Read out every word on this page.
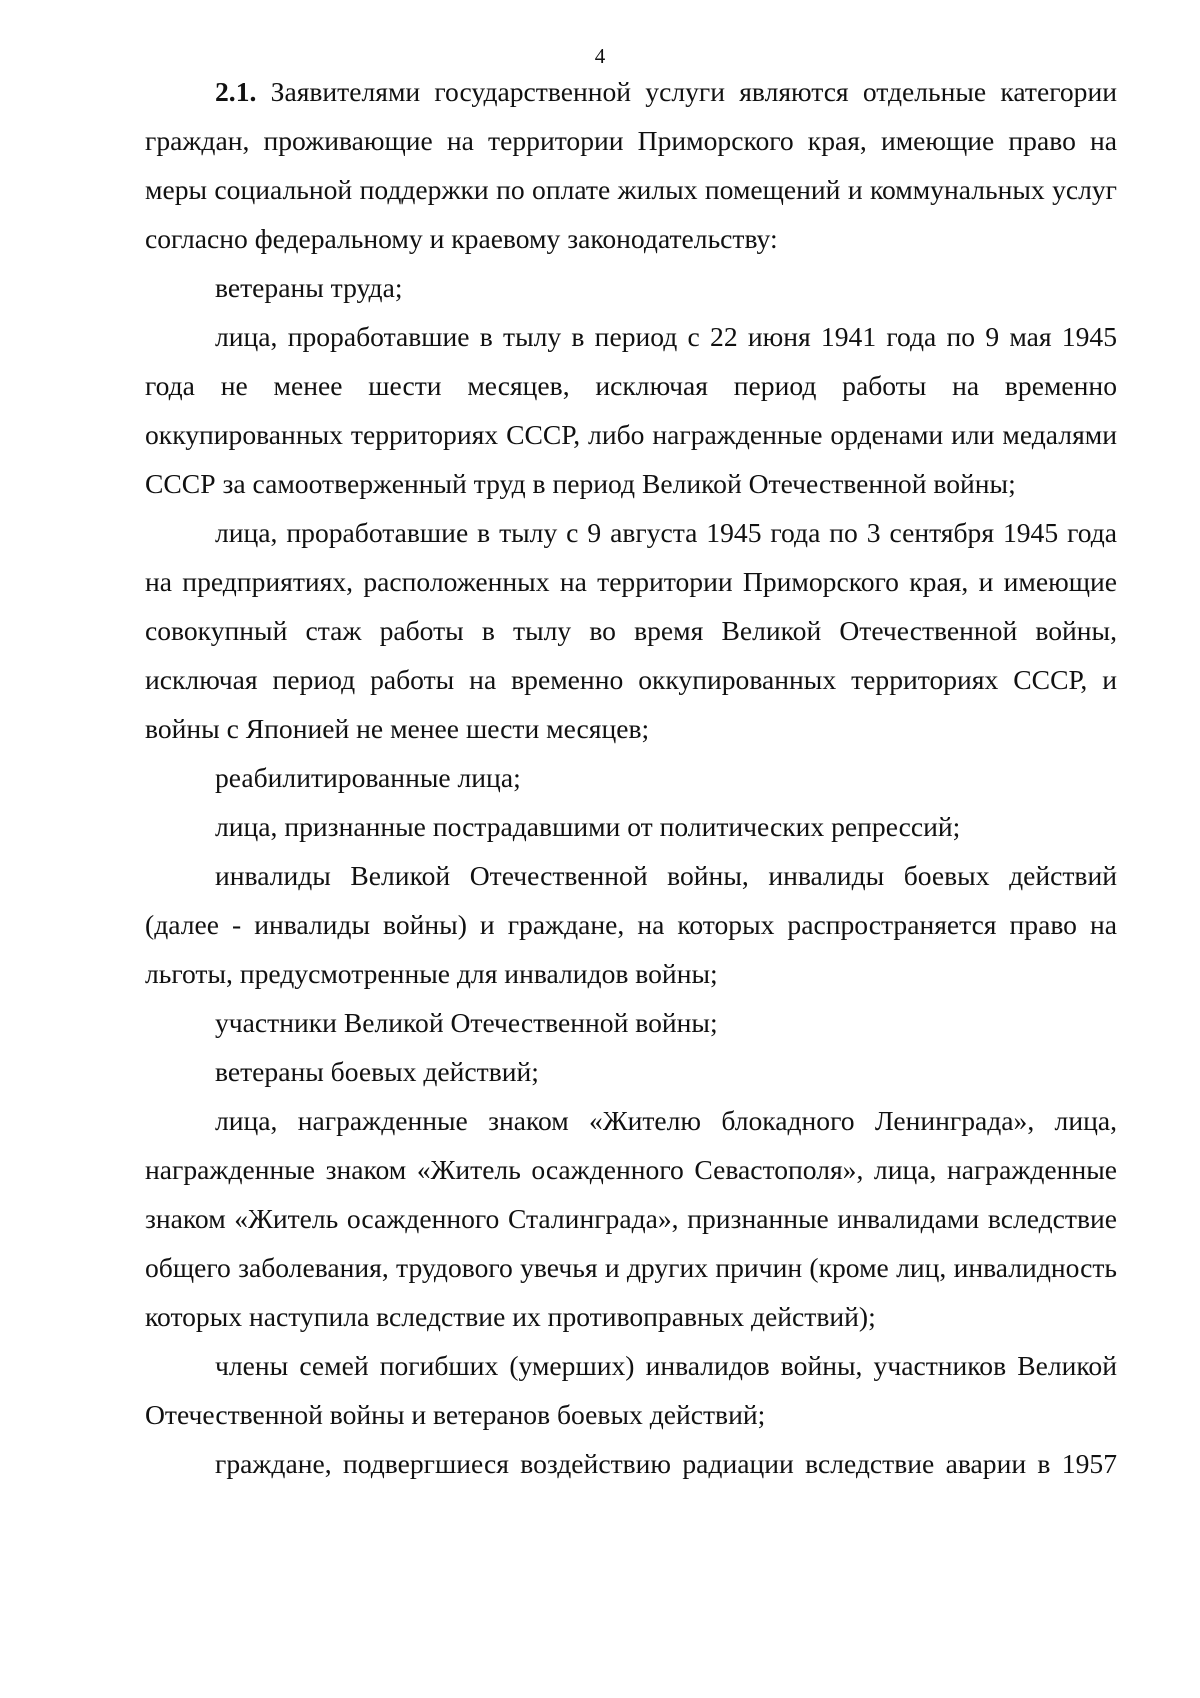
4

2.1. Заявителями государственной услуги являются отдельные категории граждан, проживающие на территории Приморского края, имеющие право на меры социальной поддержки по оплате жилых помещений и коммунальных услуг согласно федеральному и краевому законодательству:

ветераны труда;

лица, проработавшие в тылу в период с 22 июня 1941 года по 9 мая 1945 года не менее шести месяцев, исключая период работы на временно оккупированных территориях СССР, либо награжденные орденами или медалями СССР за самоотверженный труд в период Великой Отечественной войны;

лица, проработавшие в тылу с 9 августа 1945 года по 3 сентября 1945 года на предприятиях, расположенных на территории Приморского края, и имеющие совокупный стаж работы в тылу во время Великой Отечественной войны, исключая период работы на временно оккупированных территориях СССР, и войны с Японией не менее шести месяцев;

реабилитированные лица;

лица, признанные пострадавшими от политических репрессий;

инвалиды Великой Отечественной войны, инвалиды боевых действий (далее - инвалиды войны) и граждане, на которых распространяется право на льготы, предусмотренные для инвалидов войны;

участники Великой Отечественной войны;

ветераны боевых действий;

лица, награжденные знаком «Жителю блокадного Ленинграда», лица, награжденные знаком «Житель осажденного Севастополя», лица, награжденные знаком «Житель осажденного Сталинграда», признанные инвалидами вследствие общего заболевания, трудового увечья и других причин (кроме лиц, инвалидность которых наступила вследствие их противоправных действий);

члены семей погибших (умерших) инвалидов войны, участников Великой Отечественной войны и ветеранов боевых действий;

граждане, подвергшиеся воздействию радиации вследствие аварии в 1957
